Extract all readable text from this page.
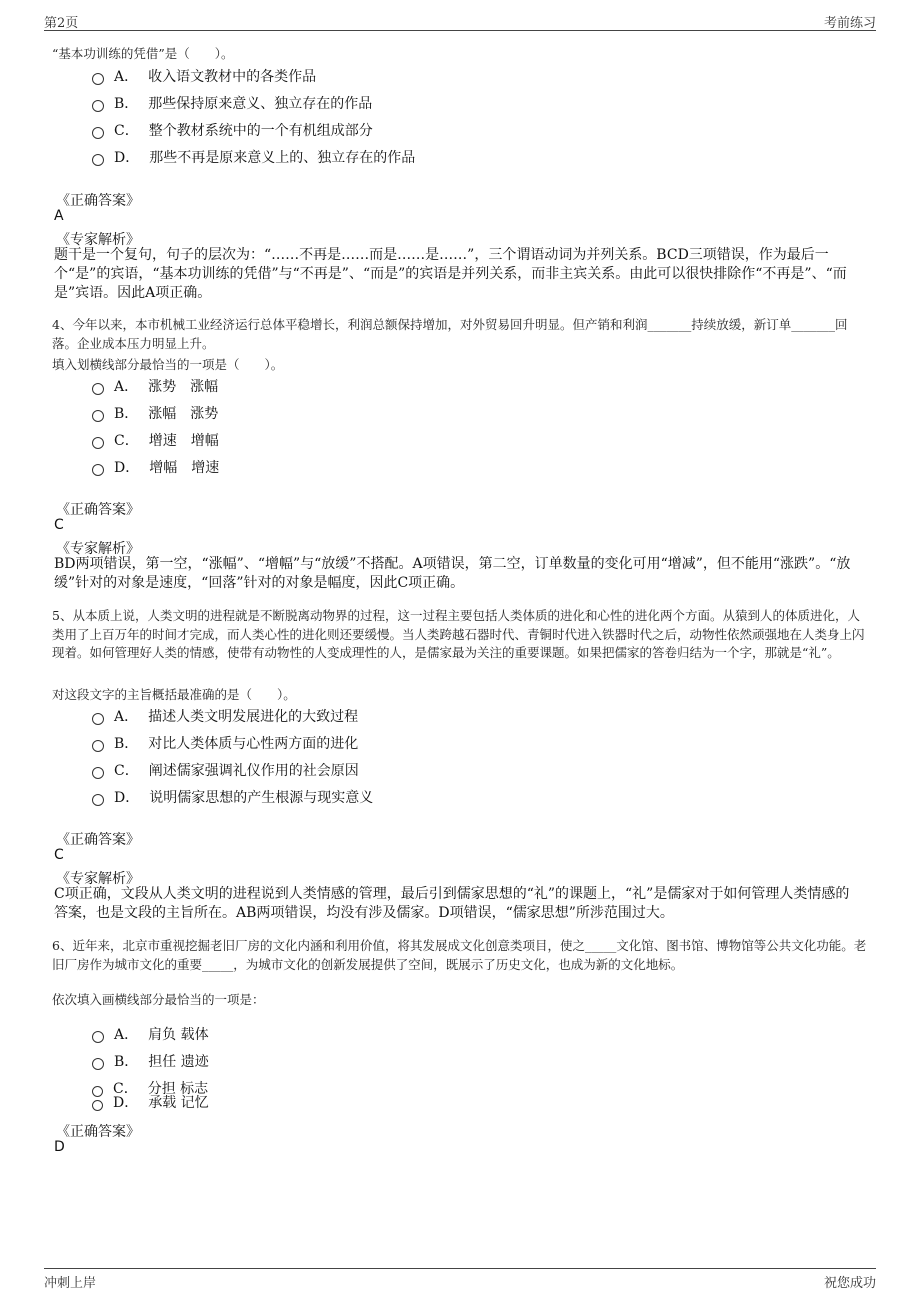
第2页	考前练习
“基本功训练的凭借”是（　　）。
A． 收入语文教材中的各类作品
B． 那些保持原来意义、独立存在的作品
C． 整个教材系统中的一个有机组成部分
D． 那些不再是原来意义上的、独立存在的作品
《正确答案》
A
《专家解析》
题干是一个复句，句子的层次为：“……不再是……而是……是……”，三个谓语动词为并列关系。BCD三项错误，作为最后一个“是”的宾语，“基本功训练的凭借”与“不再是”、“而是”的宾语是并列关系，而非主宾关系。由此可以很快排除作“不再是”、“而是”宾语。因此A项正确。
4、今年以来，本市机械工业经济运行总体平稳增长，利润总额保持增加，对外贸易回升明显。但产销和利润_______持续放缓，新订单_______回落。企业成本压力明显上升。
填入划横线部分最恰当的一项是（　　）。
A． 涨势　涨幅
B． 涨幅　涨势
C． 增速　增幅
D． 增幅　增速
《正确答案》
C
《专家解析》
BD两项错误，第一空，“涨幅”、“增幅”与“放缓”不搭配。A项错误，第二空，订单数量的变化可用“增减”，但不能用“涨跌”。“放缓”针对的对象是速度，“回落”针对的对象是幅度，因此C项正确。
5、从本质上说，人类文明的进程就是不断脱离动物界的过程，这一过程主要包括人类体质的进化和心性的进化两个方面。从猿到人的体质进化，人类用了上百万年的时间才完成，而人类心性的进化则还要缓慢。当人类跨越石器时代、青铜时代进入铁器时代之后，动物性依然顽强地在人类身上闪现着。如何管理好人类的情感，使带有动物性的人变成理性的人，是儒家最为关注的重要课题。如果把儒家的答卷归结为一个字，那就是“礼”。
对这段文字的主旨概括最准确的是（　　）。
A． 描述人类文明发展进化的大致过程
B． 对比人类体质与心性两方面的进化
C． 阐述儒家强调礼仪作用的社会原因
D． 说明儒家思想的产生根源与现实意义
《正确答案》
C
《专家解析》
C项正确，文段从人类文明的进程说到人类情感的管理，最后引到儒家思想的“礼”的课题上，“礼”是儒家对于如何管理人类情感的答案，也是文段的主旨所在。AB两项错误，均没有涉及儒家。D项错误，“儒家思想”所涉范围过大。
6、近年来，北京市重视挖掘老旧厂房的文化内涵和利用价值，将其发展成文化创意类项目，使之_____文化馆、图书馆、博物馆等公共文化功能。老旧厂房作为城市文化的重要_____，为城市文化的创新发展提供了空间，既展示了历史文化，也成为新的文化地标。
依次填入画横线部分最恰当的一项是：
A． 肩负 载体
B． 担任 遗迹
C． 分担 标志
D． 承载 记忆
《正确答案》
D
冲刺上岸	祝您成功
